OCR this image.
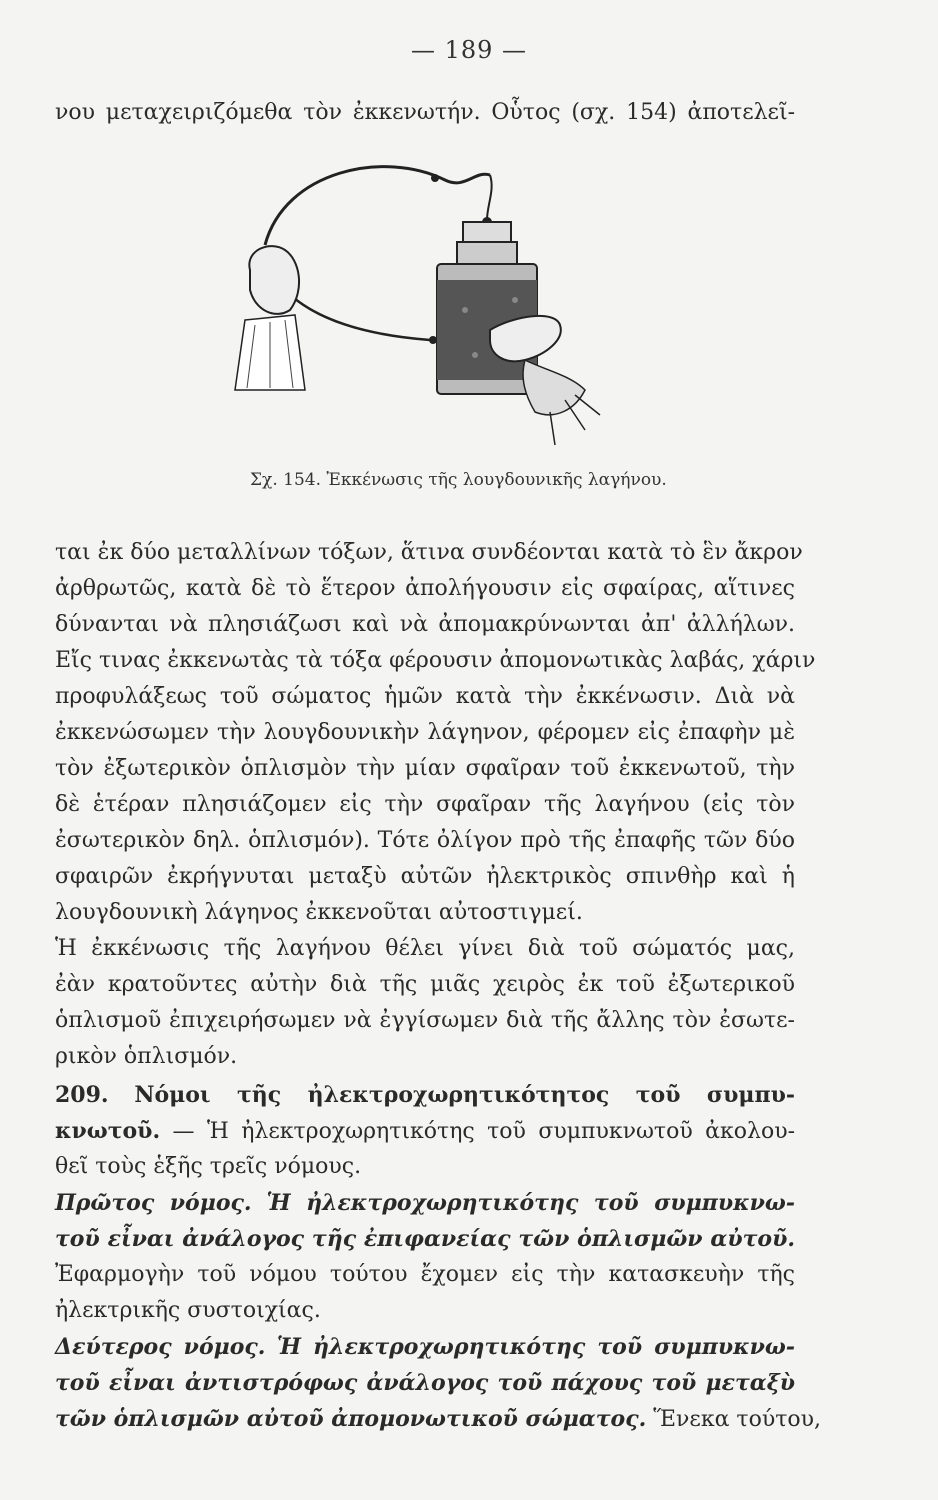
— 189 —
νου μεταχειριζόμεθα τὸν ἐκκενωτήν. Οὗτος (σχ. 154) ἀποτελεῖ-
Σχ. 154. Ἐκκένωσις τῆς λουγδουνικῆς λαγήνου.
ται ἐκ δύο μεταλλίνων τόξων, ἅτινα συνδέονται κατὰ τὸ ἓν ἄκρον
ἀρθρωτῶς, κατὰ δὲ τὸ ἕτερον ἀπολήγουσιν εἰς σφαίρας, αἵτινες
δύνανται νὰ πλησιάζωσι καὶ νὰ ἀπομακρύνωνται ἀπ' ἀλλήλων.
Εἴς τινας ἐκκενωτὰς τὰ τόξα φέρουσιν ἀπομονωτικὰς λαβάς, χάριν
προφυλάξεως τοῦ σώματος ἡμῶν κατὰ τὴν ἐκκένωσιν. Διὰ νὰ
ἐκκενώσωμεν τὴν λουγδουνικὴν λάγηνον, φέρομεν εἰς ἐπαφὴν μὲ
τὸν ἐξωτερικὸν ὁπλισμὸν τὴν μίαν σφαῖραν τοῦ ἐκκενωτοῦ, τὴν
δὲ ἑτέραν πλησιάζομεν εἰς τὴν σφαῖραν τῆς λαγήνου (εἰς τὸν
ἐσωτερικὸν δηλ. ὁπλισμόν). Τότε ὀλίγον πρὸ τῆς ἐπαφῆς τῶν δύο
σφαιρῶν ἐκρήγνυται μεταξὺ αὐτῶν ἠλεκτρικὸς σπινθὴρ καὶ ἡ
λουγδουνικὴ λάγηνος ἐκκενοῦται αὐτοστιγμεί.
Ἡ ἐκκένωσις τῆς λαγήνου θέλει γίνει διὰ τοῦ σώματός μας,
ἐὰν κρατοῦντες αὐτὴν διὰ τῆς μιᾶς χειρὸς ἐκ τοῦ ἐξωτερικοῦ
ὁπλισμοῦ ἐπιχειρήσωμεν νὰ ἐγγίσωμεν διὰ τῆς ἄλλης τὸν ἐσωτε-
ρικὸν ὁπλισμόν.
209. Νόμοι τῆς ἠλεκτροχωρητικότητος τοῦ συμπυ-
κνωτοῦ. — Ἡ ἠλεκτροχωρητικότης τοῦ συμπυκνωτοῦ ἀκολου-
θεῖ τοὺς ἑξῆς τρεῖς νόμους.
Πρῶτος νόμος. Ἡ ἠλεκτροχωρητικότης τοῦ συμπυκνω-
τοῦ εἶναι ἀνάλογος τῆς ἐπιφανείας τῶν ὁπλισμῶν αὐτοῦ.
Ἐφαρμογὴν τοῦ νόμου τούτου ἔχομεν εἰς τὴν κατασκευὴν τῆς
ἠλεκτρικῆς συστοιχίας.
Δεύτερος νόμος. Ἡ ἠλεκτροχωρητικότης τοῦ συμπυκνω-
τοῦ εἶναι ἀντιστρόφως ἀνάλογος τοῦ πάχους τοῦ μεταξὺ
τῶν ὁπλισμῶν αὐτοῦ ἀπομονωτικοῦ σώματος. Ἕνεκα τούτου,
